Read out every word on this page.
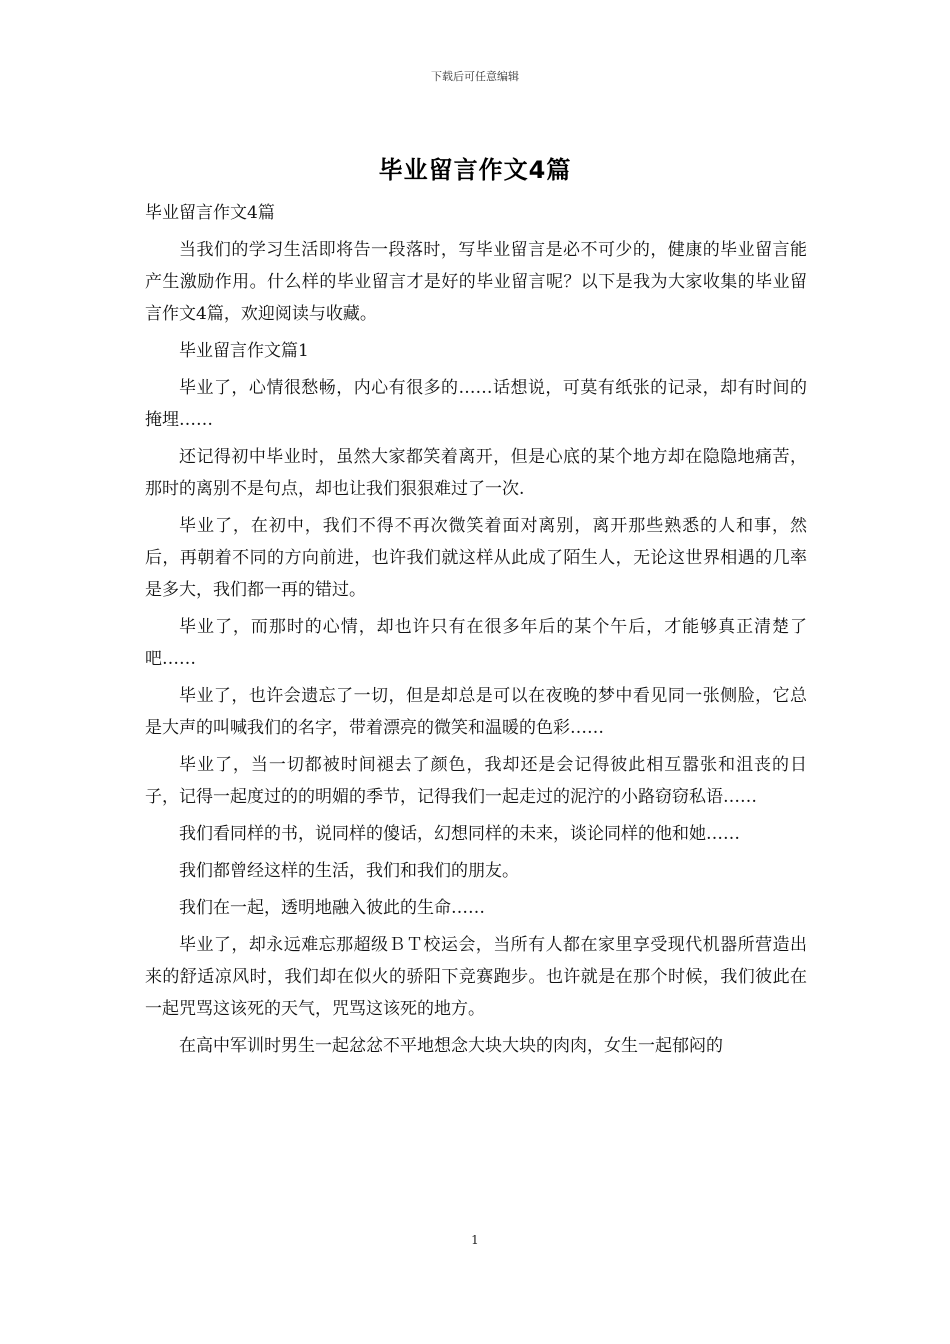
下载后可任意编辑
毕业留言作文4篇

毕业留言作文4篇

当我们的学习生活即将告一段落时，写毕业留言是必不可少的，健康的毕业留言能产生激励作用。什么样的毕业留言才是好的毕业留言呢？以下是我为大家收集的毕业留言作文4篇，欢迎阅读与收藏。

毕业留言作文篇1

毕业了，心情很愁畅，内心有很多的……话想说，可莫有纸张的记录，却有时间的掩埋……

还记得初中毕业时，虽然大家都笑着离开，但是心底的某个地方却在隐隐地痛苦，那时的离别不是句点，却也让我们狠狠难过了一次.

毕业了，在初中，我们不得不再次微笑着面对离别，离开那些熟悉的人和事，然后，再朝着不同的方向前进，也许我们就这样从此成了陌生人，无论这世界相遇的几率是多大，我们都一再的错过。

毕业了，而那时的心情，却也许只有在很多年后的某个午后，才能够真正清楚了吧……

毕业了，也许会遗忘了一切，但是却总是可以在夜晚的梦中看见同一张侧脸，它总是大声的叫喊我们的名字，带着漂亮的微笑和温暖的色彩……

毕业了，当一切都被时间褪去了颜色，我却还是会记得彼此相互嚣张和沮丧的日子，记得一起度过的的明媚的季节，记得我们一起走过的泥泞的小路窃窃私语……

我们看同样的书，说同样的傻话，幻想同样的未来，谈论同样的他和她……

我们都曾经这样的生活，我们和我们的朋友。

我们在一起，透明地融入彼此的生命……

毕业了，却永远难忘那超级ＢＴ校运会，当所有人都在家里享受现代机器所营造出来的舒适凉风时，我们却在似火的骄阳下竞赛跑步。也许就是在那个时候，我们彼此在一起咒骂这该死的天气，咒骂这该死的地方。

在高中军训时男生一起忿忿不平地想念大块大块的肉肉，女生一起郁闷的

1
